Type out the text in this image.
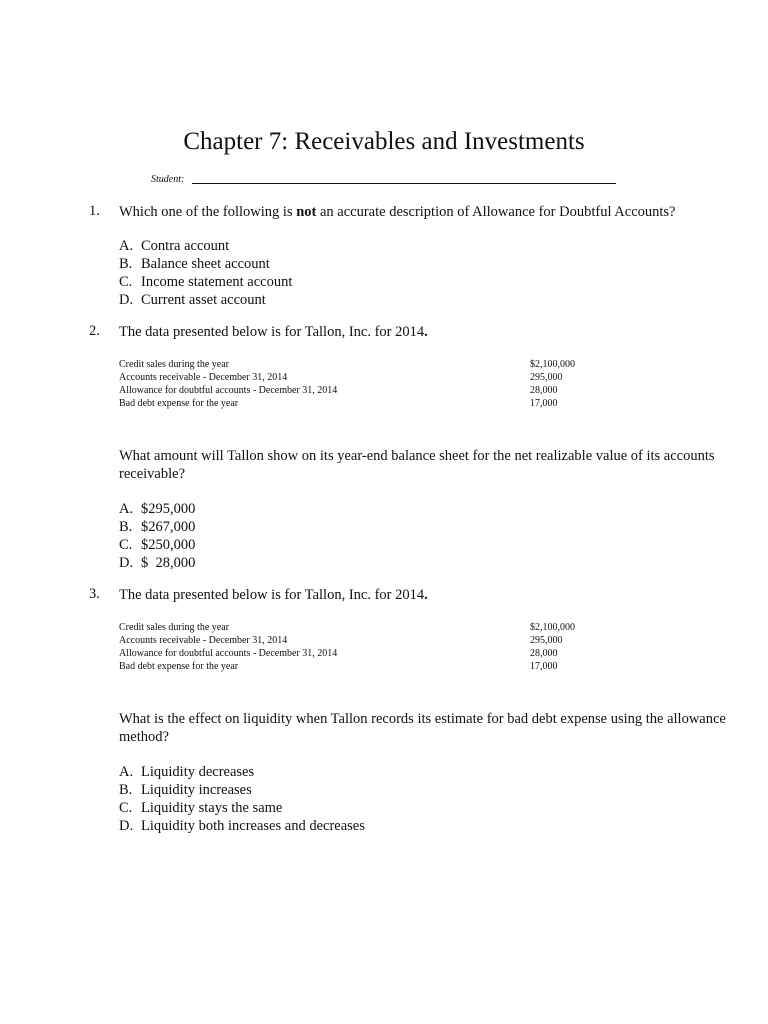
Chapter 7: Receivables and Investments
Student:
1. Which one of the following is not an accurate description of Allowance for Doubtful Accounts?
A. Contra account
B. Balance sheet account
C. Income statement account
D. Current asset account
2. The data presented below is for Tallon, Inc. for 2014.
Credit sales during the year	$2,100,000
Accounts receivable - December 31, 2014	295,000
Allowance for doubtful accounts - December 31, 2014	28,000
Bad debt expense for the year	17,000
What amount will Tallon show on its year-end balance sheet for the net realizable value of its accounts receivable?
A. $295,000
B. $267,000
C. $250,000
D. $  28,000
3. The data presented below is for Tallon, Inc. for 2014.
Credit sales during the year	$2,100,000
Accounts receivable - December 31, 2014	295,000
Allowance for doubtful accounts - December 31, 2014	28,000
Bad debt expense for the year	17,000
What is the effect on liquidity when Tallon records its estimate for bad debt expense using the allowance method?
A. Liquidity decreases
B. Liquidity increases
C. Liquidity stays the same
D. Liquidity both increases and decreases
